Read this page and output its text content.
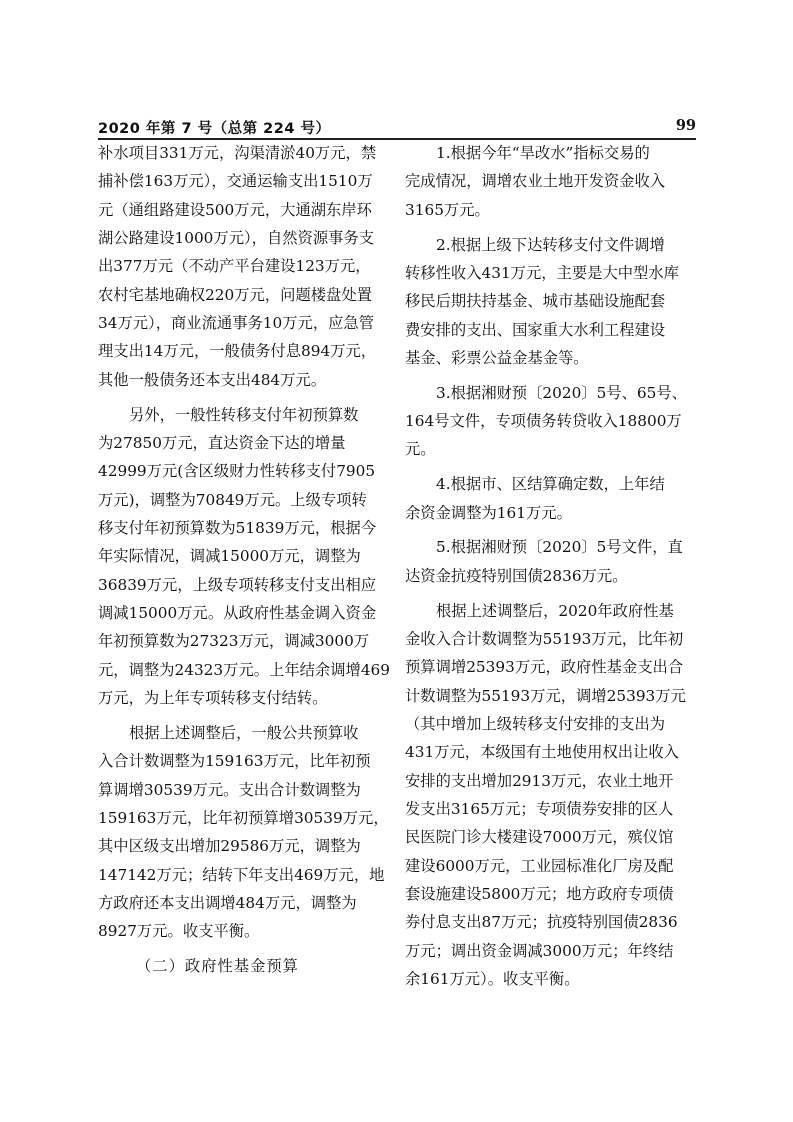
2020 年第 7 号（总第 224 号）	99
补水项目331万元，沟渠清淤40万元，禁
捕补偿163万元），交通运输支出1510万
元（通组路建设500万元，大通湖东岸环
湖公路建设1000万元），自然资源事务支
出377万元（不动产平台建设123万元，
农村宅基地确权220万元，问题楼盘处置
34万元），商业流通事务10万元，应急管
理支出14万元，一般债务付息894万元，
其他一般债务还本支出484万元。
另外，一般性转移支付年初预算数
为27850万元，直达资金下达的增量
42999万元(含区级财力性转移支付7905
万元)，调整为70849万元。上级专项转
移支付年初预算数为51839万元，根据今
年实际情况，调减15000万元，调整为
36839万元，上级专项转移支付支出相应
调减15000万元。从政府性基金调入资金
年初预算数为27323万元，调减3000万
元，调整为24323万元。上年结余调增469
万元，为上年专项转移支付结转。
根据上述调整后，一般公共预算收
入合计数调整为159163万元，比年初预
算调增30539万元。支出合计数调整为
159163万元，比年初预算增30539万元，
其中区级支出增加29586万元，调整为
147142万元；结转下年支出469万元，地
方政府还本支出调增484万元，调整为
8927万元。收支平衡。
（二）政府性基金预算
1.根据今年“旱改水”指标交易的
完成情况，调增农业土地开发资金收入
3165万元。
2.根据上级下达转移支付文件调增
转移性收入431万元，主要是大中型水库
移民后期扶持基金、城市基础设施配套
费安排的支出、国家重大水利工程建设
基金、彩票公益金基金等。
3.根据湘财预〔2020〕5号、65号、
164号文件，专项债务转贷收入18800万
元。
4.根据市、区结算确定数，上年结
余资金调整为161万元。
5.根据湘财预〔2020〕5号文件，直
达资金抗疫特别国债2836万元。
根据上述调整后，2020年政府性基
金收入合计数调整为55193万元，比年初
预算调增25393万元，政府性基金支出合
计数调整为55193万元，调增25393万元
（其中增加上级转移支付安排的支出为
431万元，本级国有土地使用权出让收入
安排的支出增加2913万元，农业土地开
发支出3165万元；专项债券安排的区人
民医院门诊大楼建设7000万元，殡仪馆
建设6000万元，工业园标准化厂房及配
套设施建设5800万元；地方政府专项债
券付息支出87万元；抗疫特别国债2836
万元；调出资金调减3000万元；年终结
余161万元）。收支平衡。
